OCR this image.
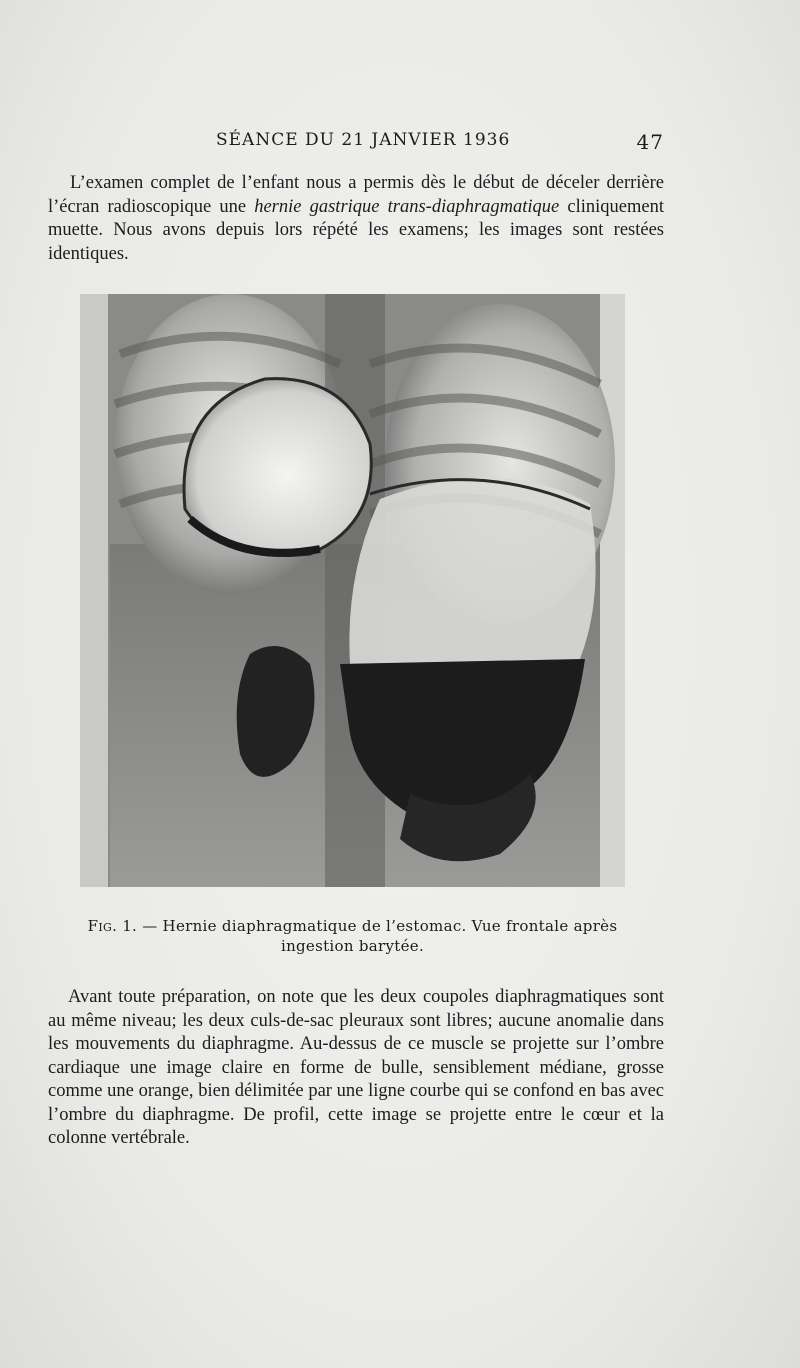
SÉANCE DU 21 JANVIER 1936	47
L’examen complet de l’enfant nous a permis dès le début de déceler derrière l’écran radioscopique une hernie gastrique trans-diaphragmatique cliniquement muette. Nous avons depuis lors répété les examens; les images sont restées identiques.
Fig. 1. — Hernie diaphragmatique de l’estomac. Vue frontale après ingestion barytée.
Avant toute préparation, on note que les deux coupoles diaphragmatiques sont au même niveau; les deux culs-de-sac pleuraux sont libres; aucune anomalie dans les mouvements du diaphragme. Au-dessus de ce muscle se projette sur l’ombre cardiaque une image claire en forme de bulle, sensiblement médiane, grosse comme une orange, bien délimitée par une ligne courbe qui se confond en bas avec l’ombre du diaphragme. De profil, cette image se projette entre le cœur et la colonne vertébrale.
